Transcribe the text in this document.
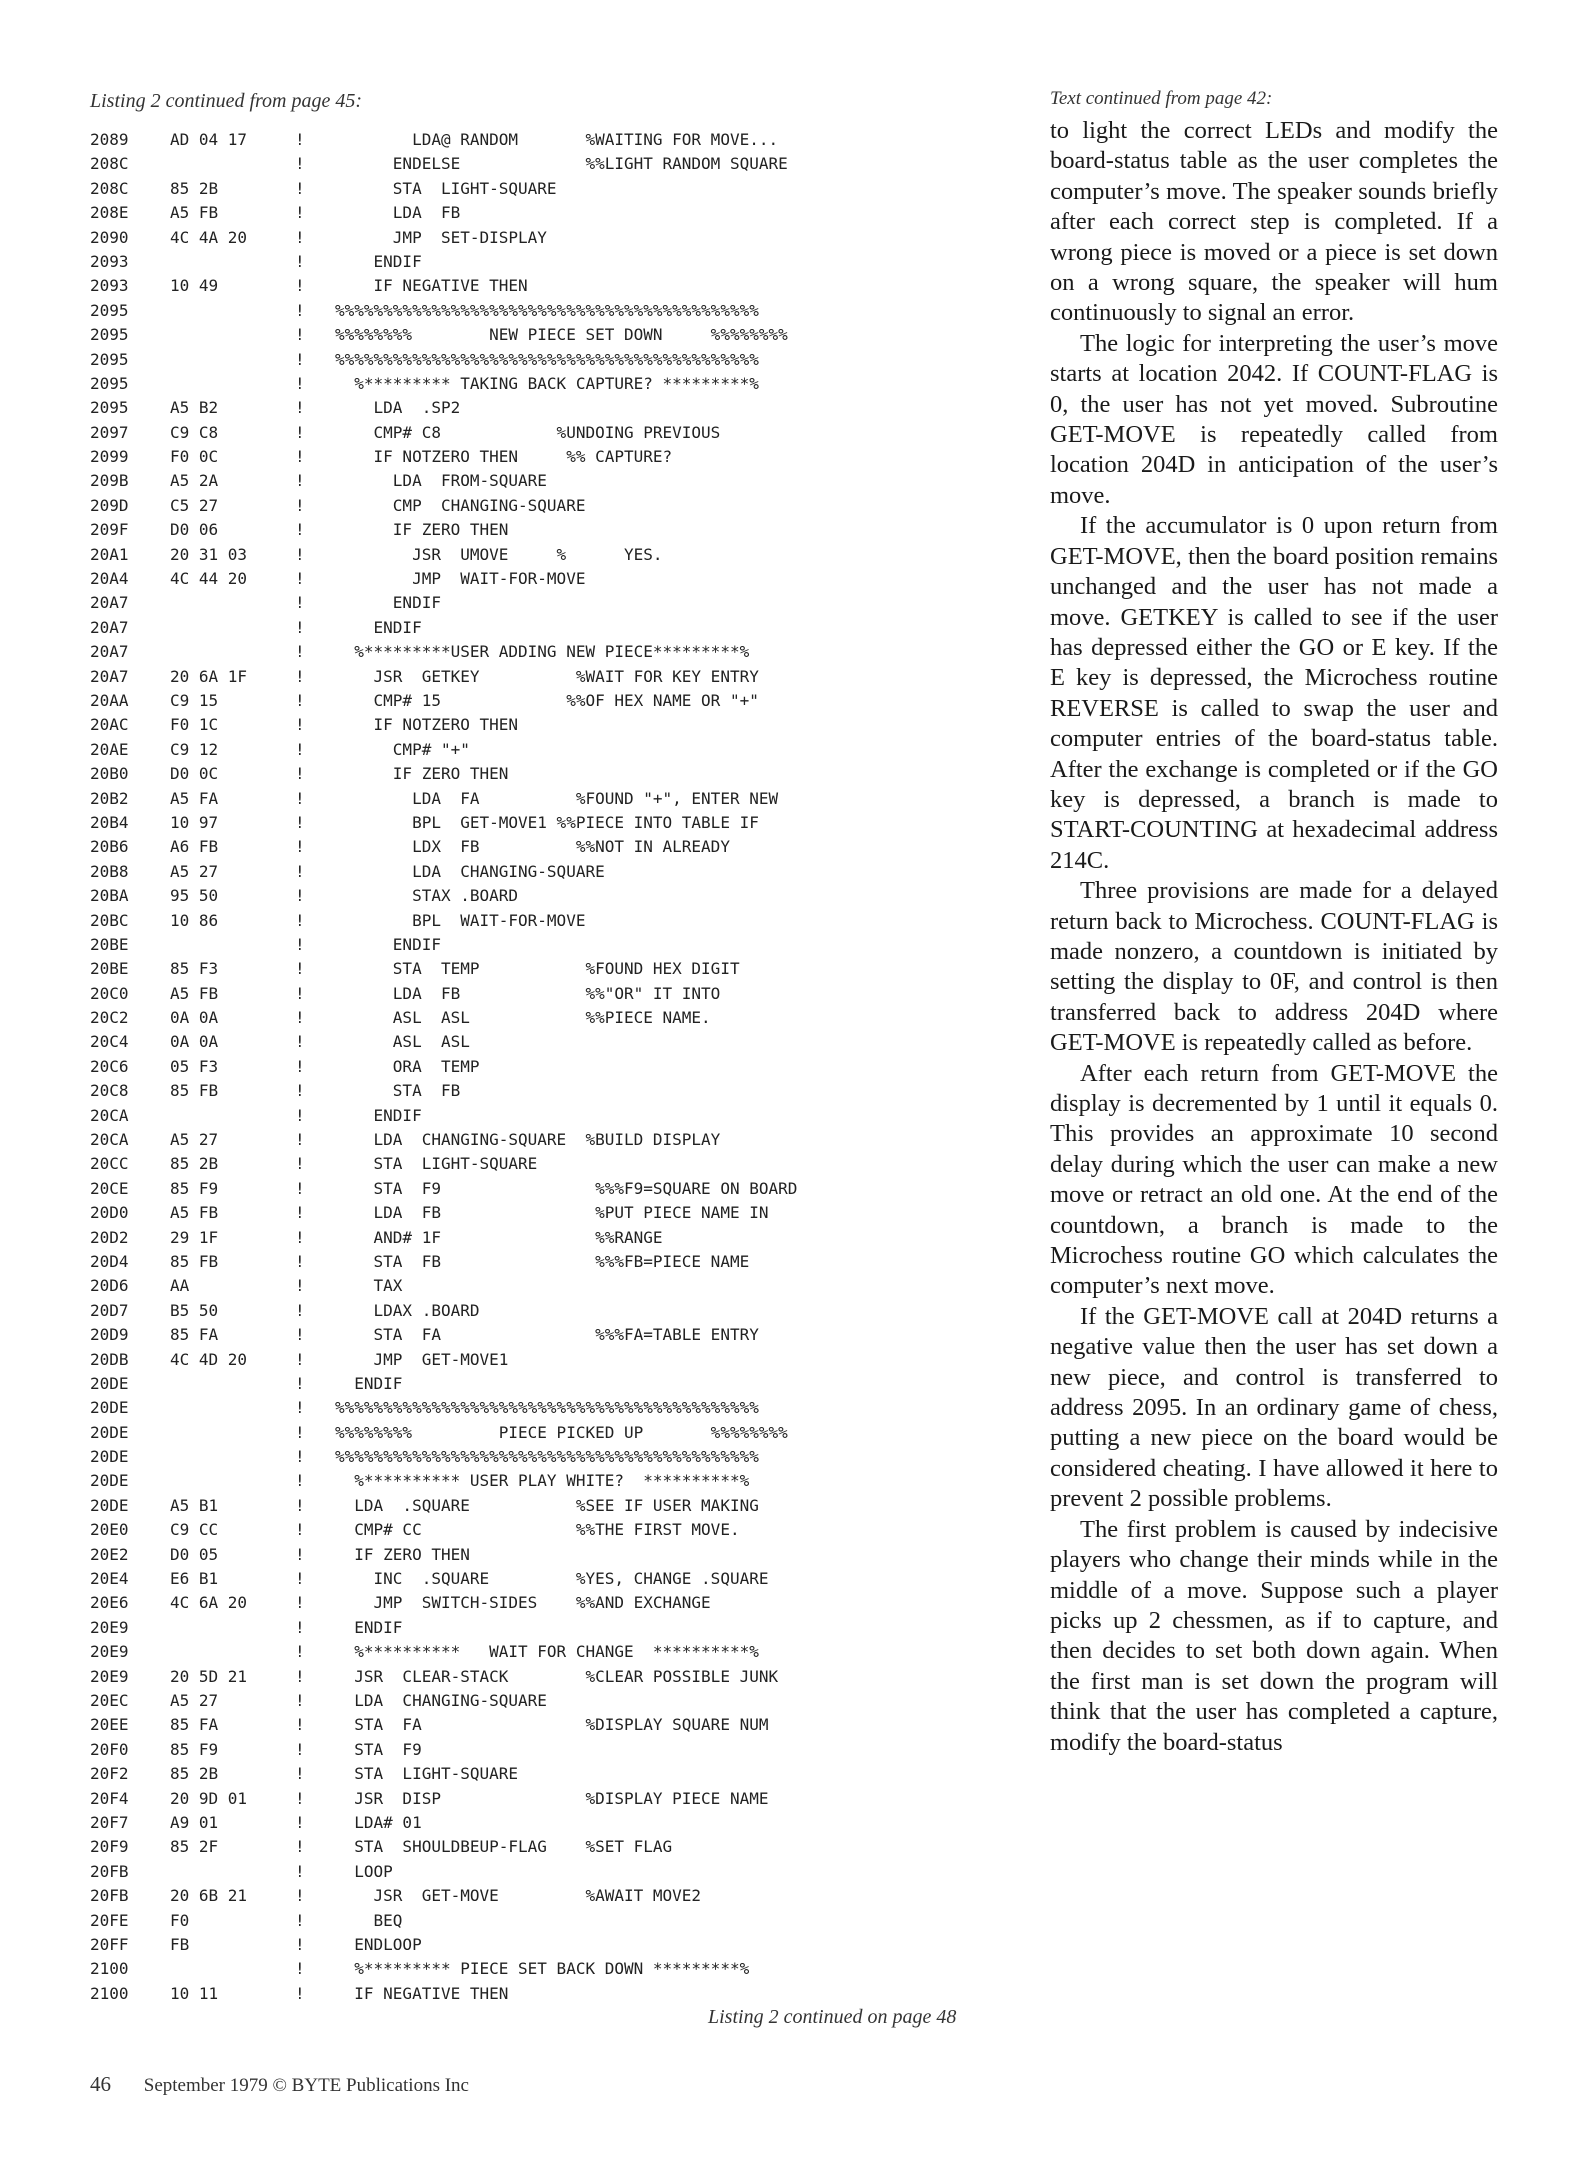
Listing 2 continued from page 45:
2089	AD 04 17	! LDA@ RANDOM       %WAITING FOR MOVE...
208C	! ENDELSE             %%LIGHT RANDOM SQUARE
208C	85 2B	! STA  LIGHT-SQUARE
208E	A5 FB	! LDA  FB
2090	4C 4A 20	! JMP  SET-DISPLAY
2093	! ENDIF
2093	10 49	! IF NEGATIVE THEN
2095	! %%%%%%%%%%%%%%%%%%%%%%%%%%%%%%%%%%%%%%%%%%%%
2095	! %%%%%%%%        NEW PIECE SET DOWN     %%%%%%%%
2095	! %%%%%%%%%%%%%%%%%%%%%%%%%%%%%%%%%%%%%%%%%%%%
2095	! %********* TAKING BACK CAPTURE? *********%
2095	A5 B2	! LDA  .SP2
2097	C9 C8	! CMP# C8            %UNDOING PREVIOUS
2099	F0 0C	! IF NOTZERO THEN     %% CAPTURE?
209B	A5 2A	! LDA  FROM-SQUARE
209D	C5 27	! CMP  CHANGING-SQUARE
209F	D0 06	! IF ZERO THEN
20A1	20 31 03	! JSR  UMOVE     %      YES.
20A4	4C 44 20	! JMP  WAIT-FOR-MOVE
20A7	! ENDIF
20A7	! ENDIF
20A7	! %*********USER ADDING NEW PIECE*********%
20A7	20 6A 1F	! JSR  GETKEY          %WAIT FOR KEY ENTRY
20AA	C9 15	! CMP# 15             %%OF HEX NAME OR "+"
20AC	F0 1C	! IF NOTZERO THEN
20AE	C9 12	! CMP# "+"
20B0	D0 0C	! IF ZERO THEN
20B2	A5 FA	! LDA  FA          %FOUND "+", ENTER NEW
20B4	10 97	! BPL  GET-MOVE1 %%PIECE INTO TABLE IF
20B6	A6 FB	! LDX  FB          %%NOT IN ALREADY
20B8	A5 27	! LDA  CHANGING-SQUARE
20BA	95 50	! STAX .BOARD
20BC	10 86	! BPL  WAIT-FOR-MOVE
20BE	! ENDIF
20BE	85 F3	! STA  TEMP           %FOUND HEX DIGIT
20C0	A5 FB	! LDA  FB             %%"OR" IT INTO
20C2	0A 0A	! ASL  ASL            %%PIECE NAME.
20C4	0A 0A	! ASL  ASL
20C6	05 F3	! ORA  TEMP
20C8	85 FB	! STA  FB
20CA	! ENDIF
20CA	A5 27	! LDA  CHANGING-SQUARE  %BUILD DISPLAY
20CC	85 2B	! STA  LIGHT-SQUARE
20CE	85 F9	! STA  F9                %%%F9=SQUARE ON BOARD
20D0	A5 FB	! LDA  FB                %PUT PIECE NAME IN
20D2	29 1F	! AND# 1F                %%RANGE
20D4	85 FB	! STA  FB                %%%FB=PIECE NAME
20D6	AA	! TAX
20D7	B5 50	! LDAX .BOARD
20D9	85 FA	! STA  FA                %%%FA=TABLE ENTRY
20DB	4C 4D 20	! JMP  GET-MOVE1
20DE	! ENDIF
20DE	! %%%%%%%%%%%%%%%%%%%%%%%%%%%%%%%%%%%%%%%%%%%%
20DE	! %%%%%%%%         PIECE PICKED UP       %%%%%%%%
20DE	! %%%%%%%%%%%%%%%%%%%%%%%%%%%%%%%%%%%%%%%%%%%%
20DE	! %********** USER PLAY WHITE?  **********%
20DE	A5 B1	! LDA  .SQUARE           %SEE IF USER MAKING
20E0	C9 CC	! CMP# CC                %%THE FIRST MOVE.
20E2	D0 05	! IF ZERO THEN
20E4	E6 B1	! INC  .SQUARE         %YES, CHANGE .SQUARE
20E6	4C 6A 20	! JMP  SWITCH-SIDES    %%AND EXCHANGE
20E9	! ENDIF
20E9	! %**********   WAIT FOR CHANGE  **********%
20E9	20 5D 21	! JSR  CLEAR-STACK        %CLEAR POSSIBLE JUNK
20EC	A5 27	! LDA  CHANGING-SQUARE
20EE	85 FA	! STA  FA                 %DISPLAY SQUARE NUM
20F0	85 F9	! STA  F9
20F2	85 2B	! STA  LIGHT-SQUARE
20F4	20 9D 01	! JSR  DISP               %DISPLAY PIECE NAME
20F7	A9 01	! LDA# 01
20F9	85 2F	! STA  SHOULDBEUP-FLAG    %SET FLAG
20FB	! LOOP
20FB	20 6B 21	! JSR  GET-MOVE         %AWAIT MOVE2
20FE	F0	! BEQ
20FF	FB	! ENDLOOP
2100	! %********* PIECE SET BACK DOWN *********%
2100	10 11	! IF NEGATIVE THEN
Listing 2 continued on page 48
Text continued from page 42:

to light the correct LEDs and modify the board-status table as the user completes the computer’s move. The speaker sounds briefly after each correct step is completed. If a wrong piece is moved or a piece is set down on a wrong square, the speaker will hum continuously to signal an error.

The logic for interpreting the user’s move starts at location 2042. If COUNT-FLAG is 0, the user has not yet moved. Subroutine GET-MOVE is repeatedly called from location 204D in anticipation of the user’s move.

If the accumulator is 0 upon return from GET-MOVE, then the board position remains unchanged and the user has not made a move. GETKEY is called to see if the user has depressed either the GO or E key. If the E key is depressed, the Microchess routine REVERSE is called to swap the user and computer entries of the board-status table. After the exchange is completed or if the GO key is depressed, a branch is made to START-COUNTING at hexadecimal address 214C.

Three provisions are made for a delayed return back to Microchess. COUNT-FLAG is made nonzero, a countdown is initiated by setting the display to 0F, and control is then transferred back to address 204D where GET-MOVE is repeatedly called as before.

After each return from GET-MOVE the display is decremented by 1 until it equals 0. This provides an approximate 10 second delay during which the user can make a new move or retract an old one. At the end of the countdown, a branch is made to the Microchess routine GO which calculates the computer’s next move.

If the GET-MOVE call at 204D returns a negative value then the user has set down a new piece, and control is transferred to address 2095. In an ordinary game of chess, putting a new piece on the board would be considered cheating. I have allowed it here to prevent 2 possible problems.

The first problem is caused by indecisive players who change their minds while in the middle of a move. Suppose such a player picks up 2 chessmen, as if to capture, and then decides to set both down again. When the first man is set down the program will think that the user has completed a capture, modify the board-status

46 September 1979 © BYTE Publications Inc
